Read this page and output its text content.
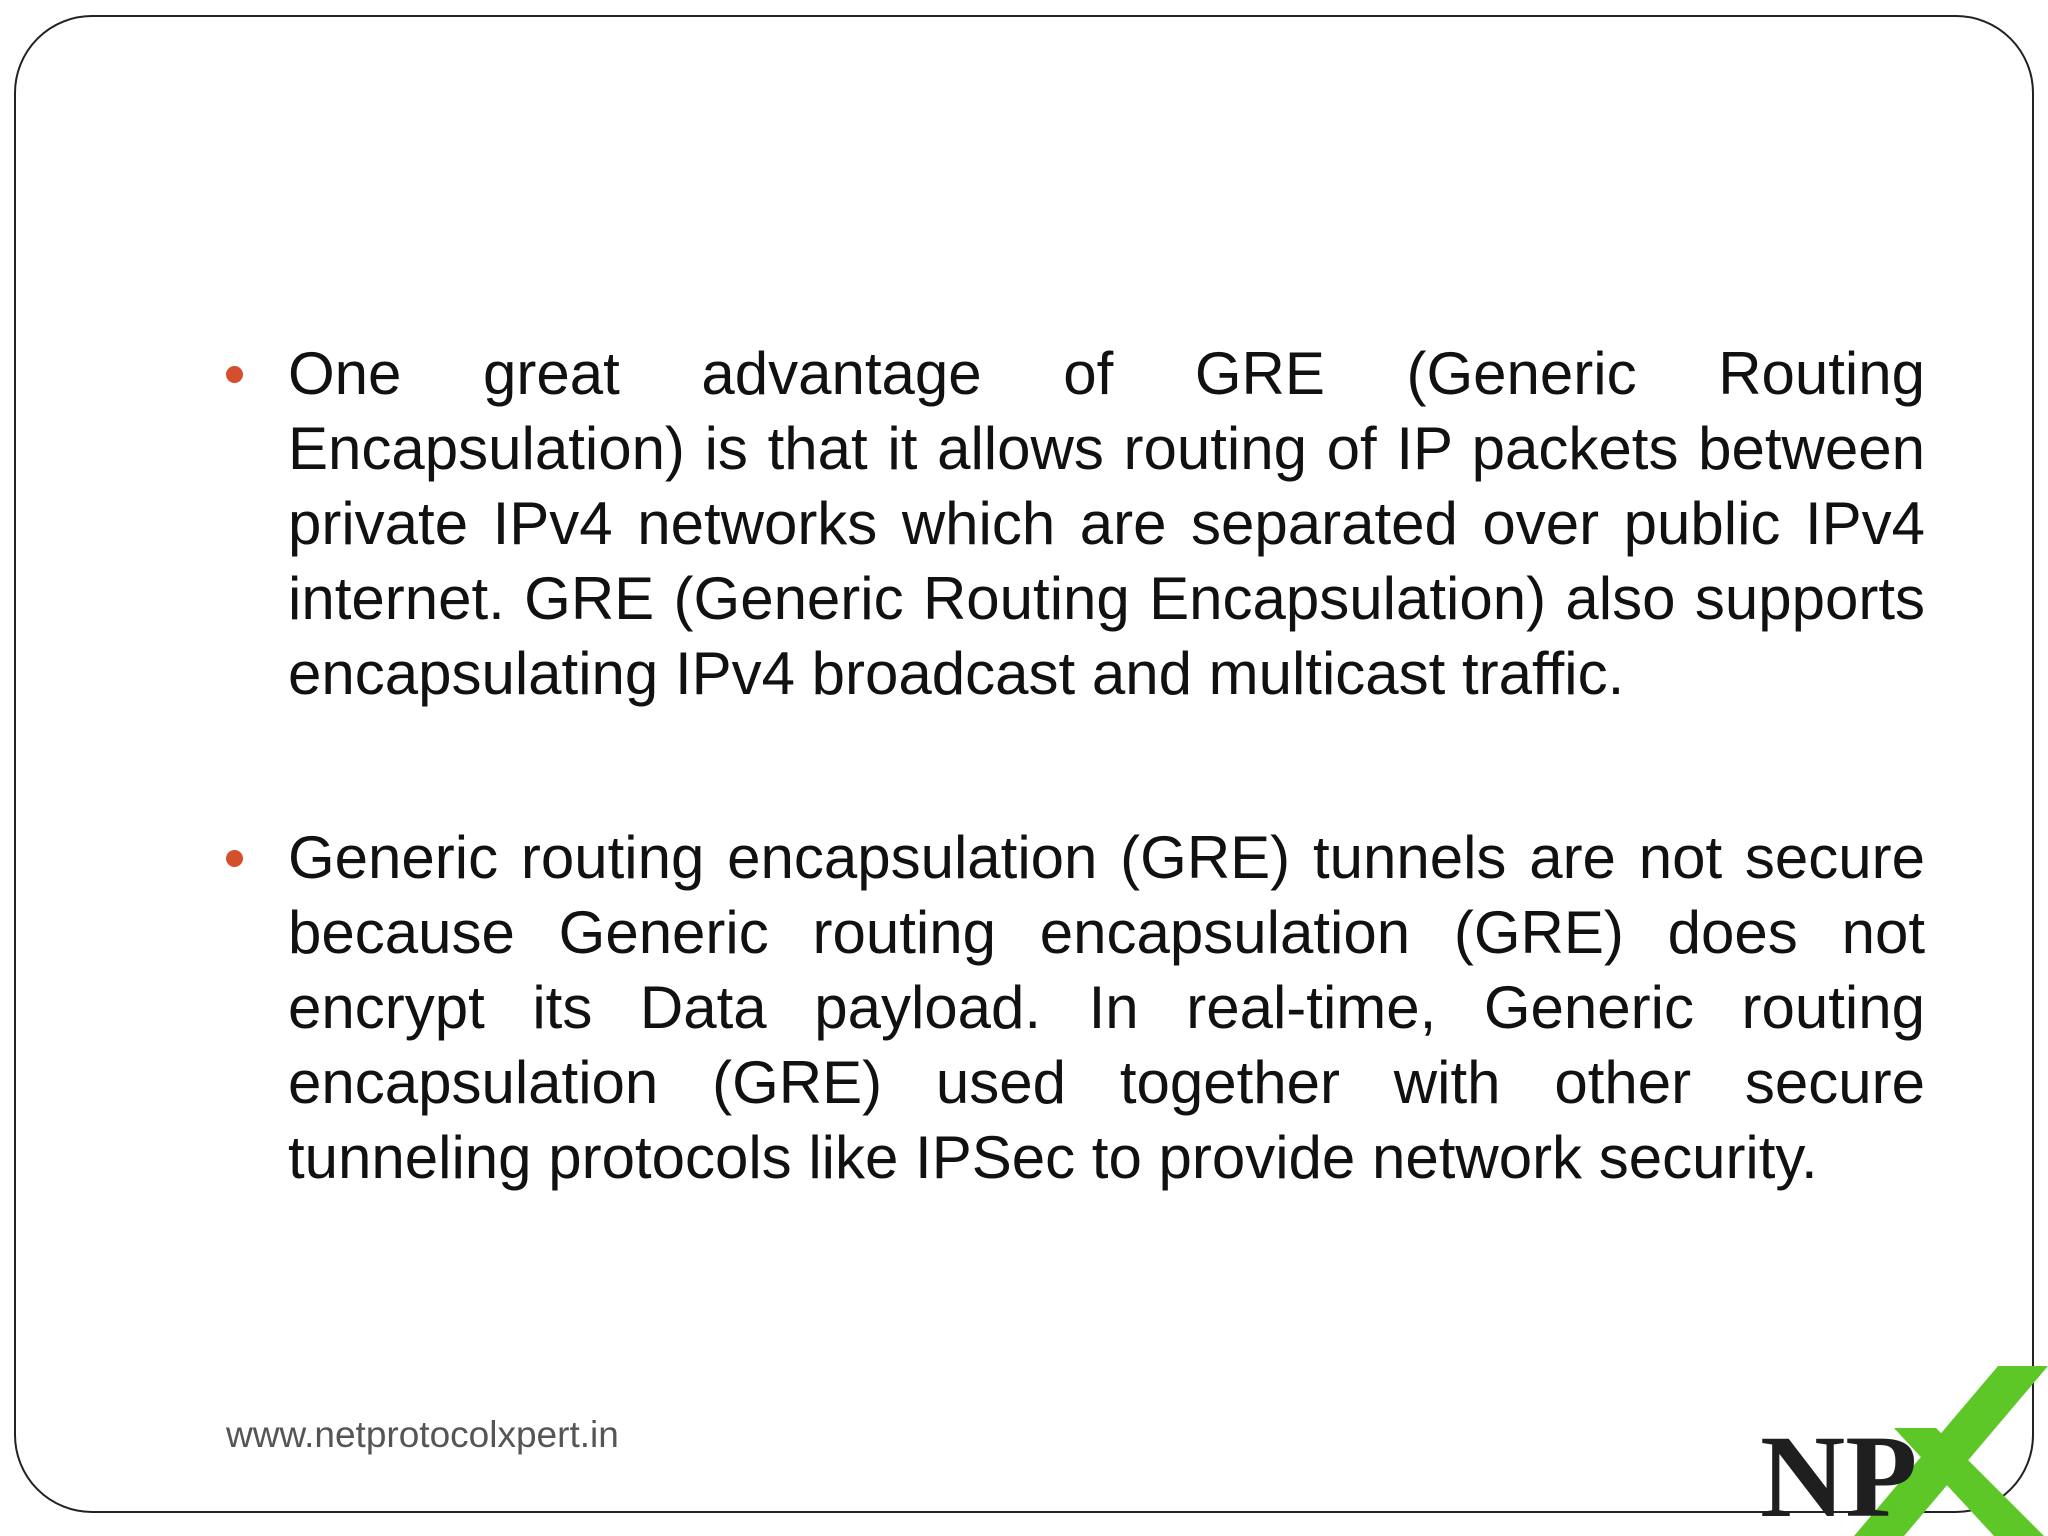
One great advantage of GRE (Generic Routing Encapsulation) is that it allows routing of IP packets between private IPv4 networks which are separated over public IPv4 internet. GRE (Generic Routing Encapsulation) also supports encapsulating IPv4 broadcast and multicast traffic.
Generic routing encapsulation (GRE) tunnels are not secure because Generic routing encapsulation (GRE) does not encrypt its Data payload. In real-time, Generic routing encapsulation (GRE) used together with other secure tunneling protocols like IPSec to provide network security.
www.netprotocolxpert.in	NP
